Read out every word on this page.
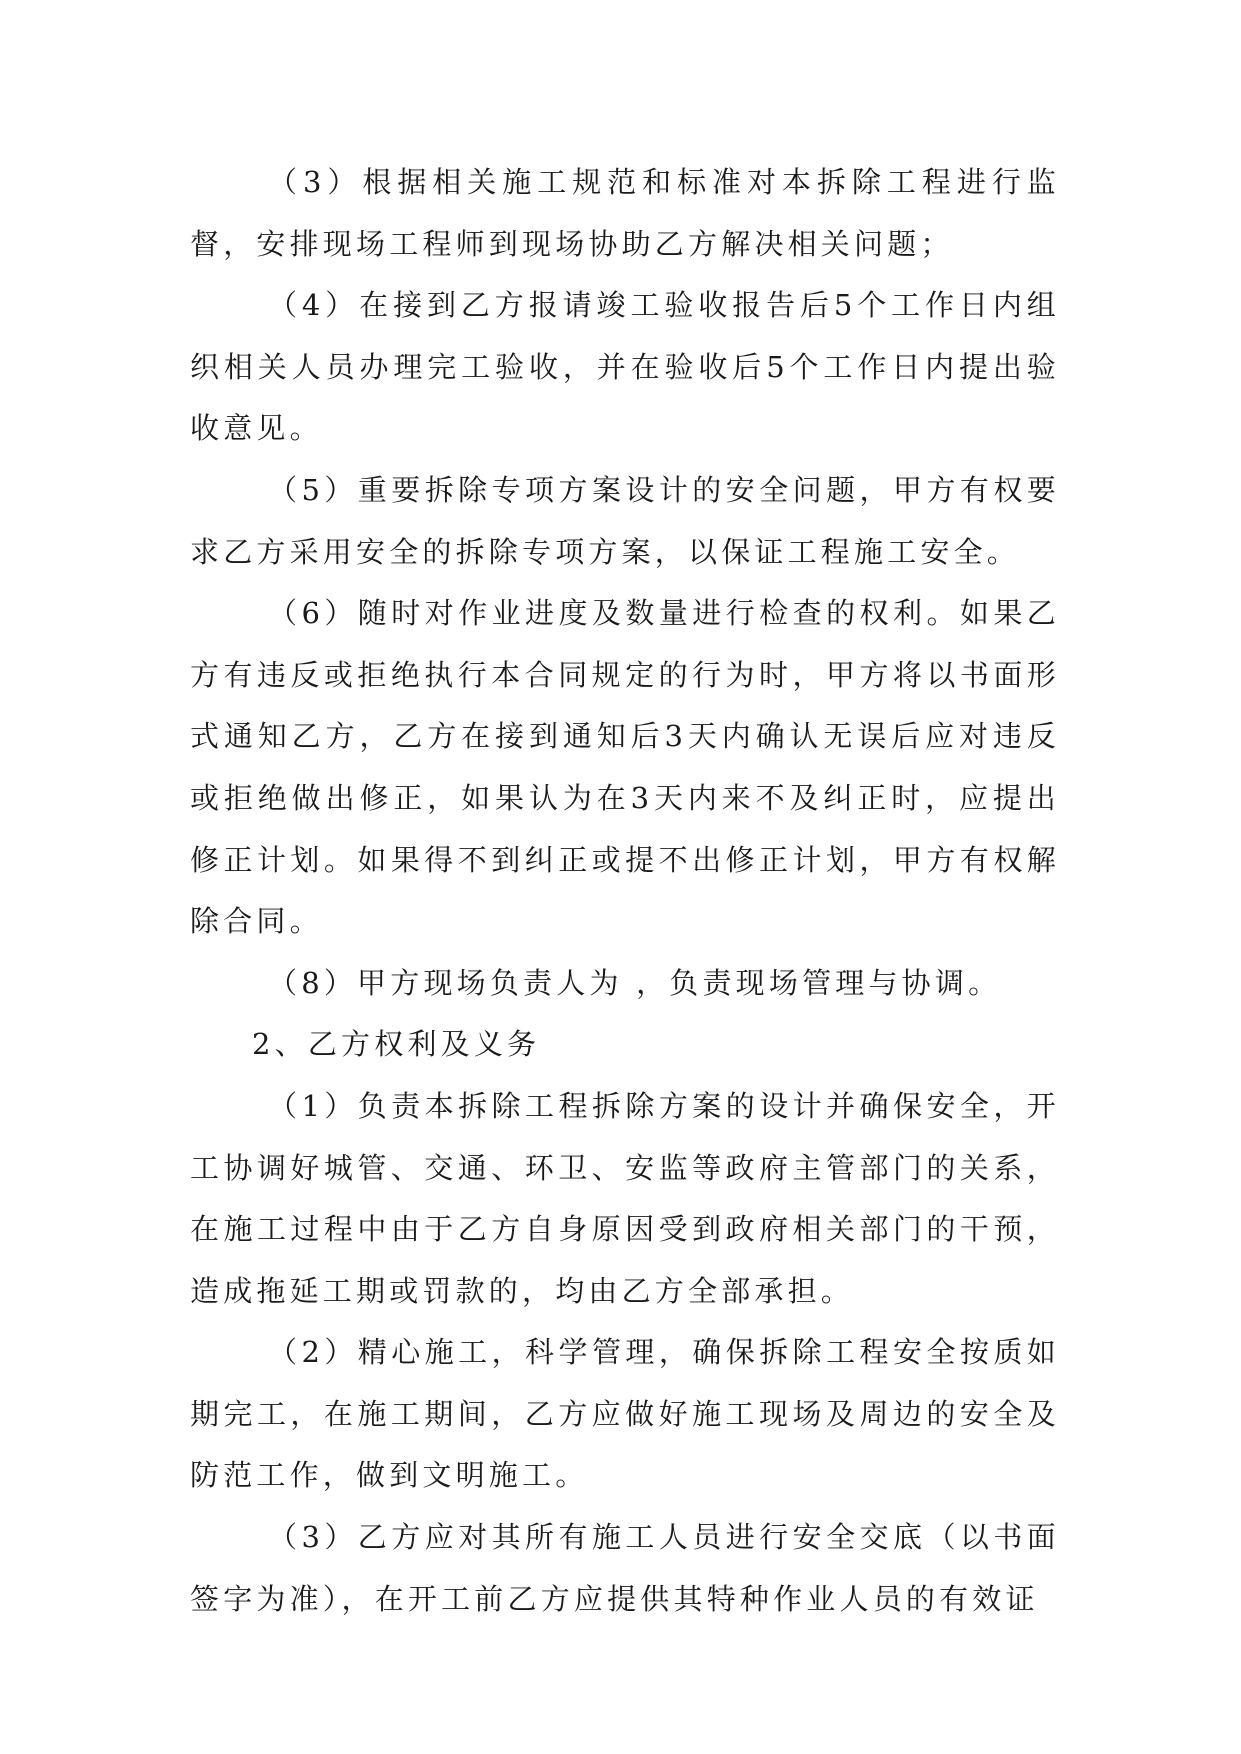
（3）根据相关施工规范和标准对本拆除工程进行监督，安排现场工程师到现场协助乙方解决相关问题；

（4）在接到乙方报请竣工验收报告后5个工作日内组织相关人员办理完工验收，并在验收后5个工作日内提出验收意见。

（5）重要拆除专项方案设计的安全问题，甲方有权要求乙方采用安全的拆除专项方案，以保证工程施工安全。

（6）随时对作业进度及数量进行检查的权利。如果乙方有违反或拒绝执行本合同规定的行为时，甲方将以书面形式通知乙方，乙方在接到通知后3天内确认无误后应对违反或拒绝做出修正，如果认为在3天内来不及纠正时，应提出修正计划。如果得不到纠正或提不出修正计划，甲方有权解除合同。

（8）甲方现场负责人为 ，负责现场管理与协调。

2、乙方权利及义务

（1）负责本拆除工程拆除方案的设计并确保安全，开工协调好城管、交通、环卫、安监等政府主管部门的关系，在施工过程中由于乙方自身原因受到政府相关部门的干预，造成拖延工期或罚款的，均由乙方全部承担。

（2）精心施工，科学管理，确保拆除工程安全按质如期完工，在施工期间，乙方应做好施工现场及周边的安全及防范工作，做到文明施工。

（3）乙方应对其所有施工人员进行安全交底（以书面签字为准），在开工前乙方应提供其特种作业人员的有效证
